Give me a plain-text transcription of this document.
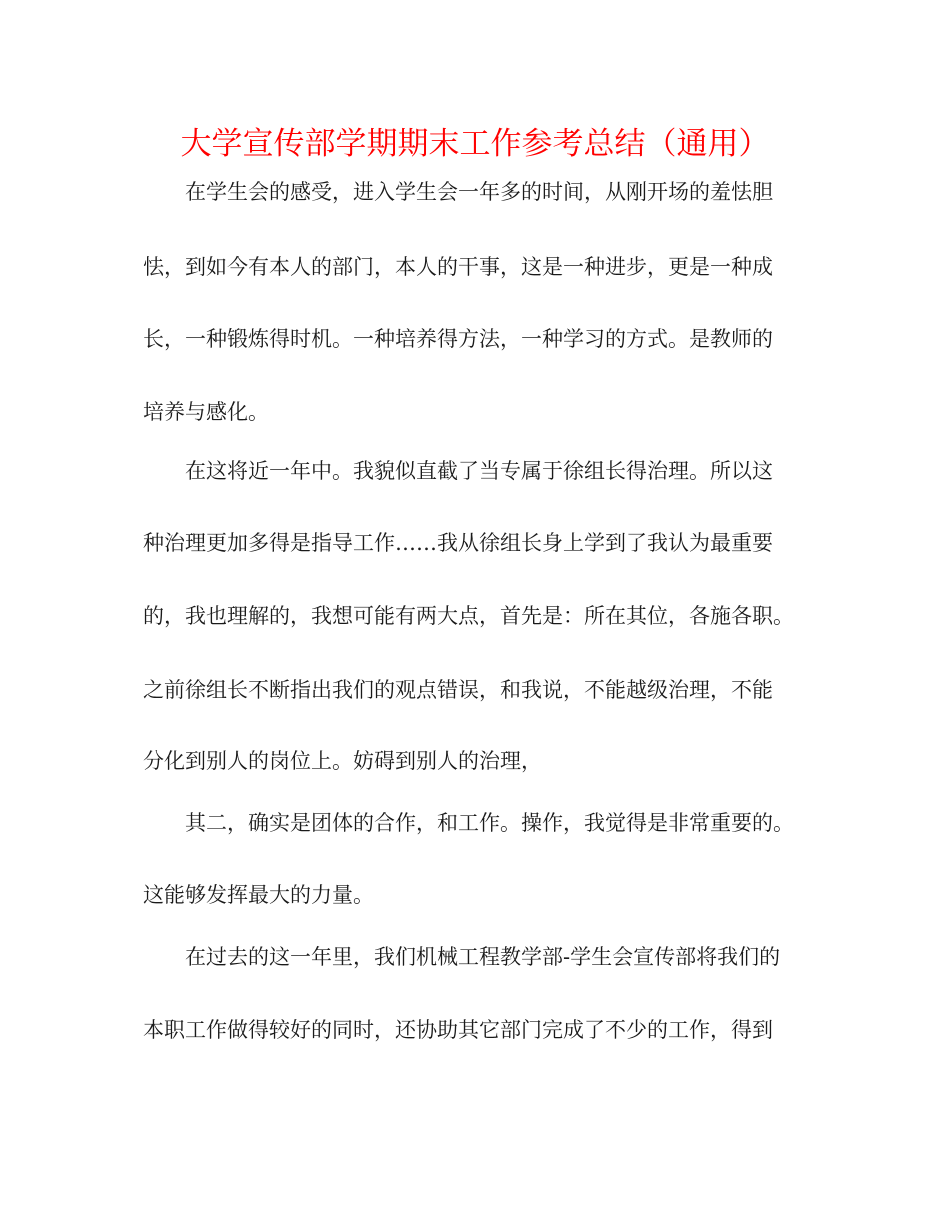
大学宣传部学期期末工作参考总结（通用）
在学生会的感受，进入学生会一年多的时间，从刚开场的羞怯胆
怯，到如今有本人的部门，本人的干事，这是一种进步，更是一种成
长，一种锻炼得时机。一种培养得方法，一种学习的方式。是教师的
培养与感化。
在这将近一年中。我貌似直截了当专属于徐组长得治理。所以这
种治理更加多得是指导工作……我从徐组长身上学到了我认为最重要
的，我也理解的，我想可能有两大点，首先是：所在其位，各施各职。
之前徐组长不断指出我们的观点错误，和我说，不能越级治理，不能
分化到别人的岗位上。妨碍到别人的治理，
其二，确实是团体的合作，和工作。操作，我觉得是非常重要的。
这能够发挥最大的力量。
在过去的这一年里，我们机械工程教学部-学生会宣传部将我们的
本职工作做得较好的同时，还协助其它部门完成了不少的工作，得到
